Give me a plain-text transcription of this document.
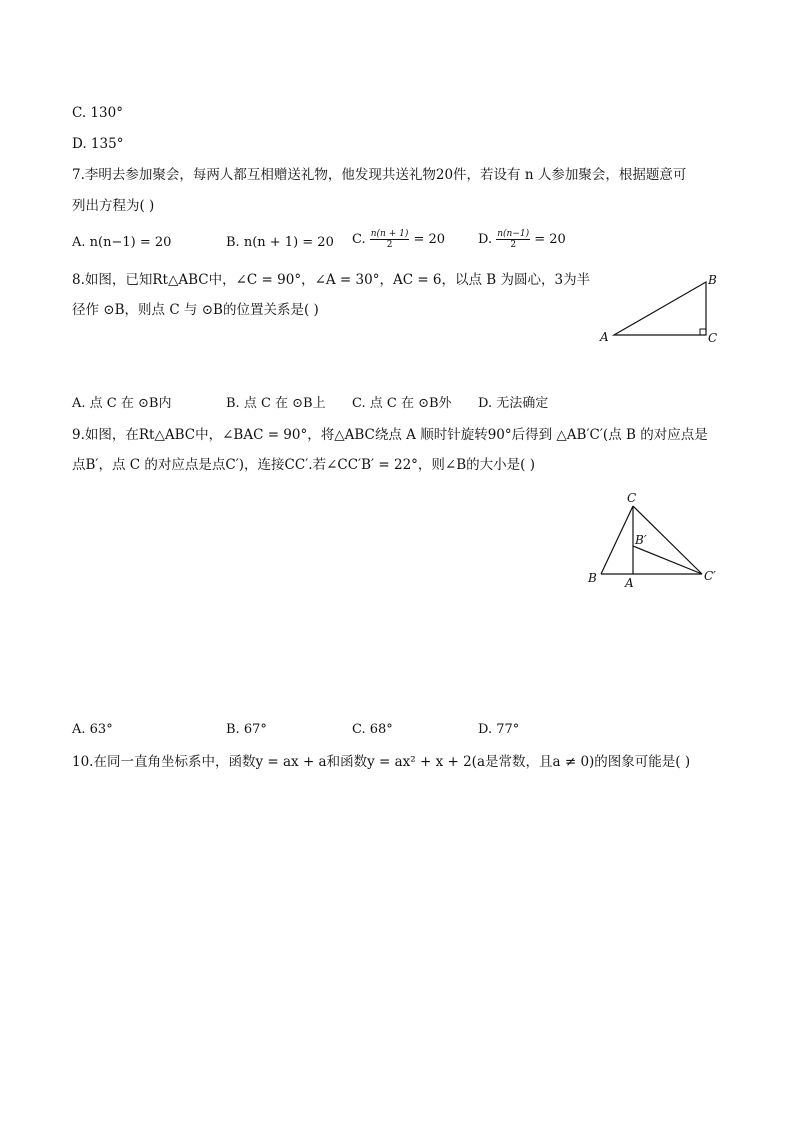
C. 130°
D. 135°
7.李明去参加聚会，每两人都互相赠送礼物，他发现共送礼物20件，若设有 n 人参加聚会，根据题意可
列出方程为( )
A. n(n−1) = 20	B. n(n + 1) = 20 C. $\frac{n(n + 1)}{2} = 20$	D. $\frac{n(n-1)}{2} = 20$
8.如图，已知Rt△ABC中，∠C = 90°，∠A = 30°，AC = 6，以点 B 为圆心，3为半
径作 ⊙B，则点 C 与 ⊙B的位置关系是( )
A
B
C
A. 点 C 在 ⊙B内	B. 点 C 在 ⊙B上 C. 点 C 在 ⊙B外 D. 无法确定
9.如图，在Rt△ABC中，∠BAC = 90°，将△ABC绕点 A 顺时针旋转90°后得到 △AB′C′(点 B 的对应点是
点B′，点 C 的对应点是点C′)，连接CC′.若∠CC′B′ = 22°，则∠B的大小是( )
C
B′
B A	C′
A. 63°	B. 67°	C. 68°	D. 77°
10.在同一直角坐标系中，函数y = ax + a和函数y = ax² + x + 2(a是常数，且a ≠ 0)的图象可能是( )
